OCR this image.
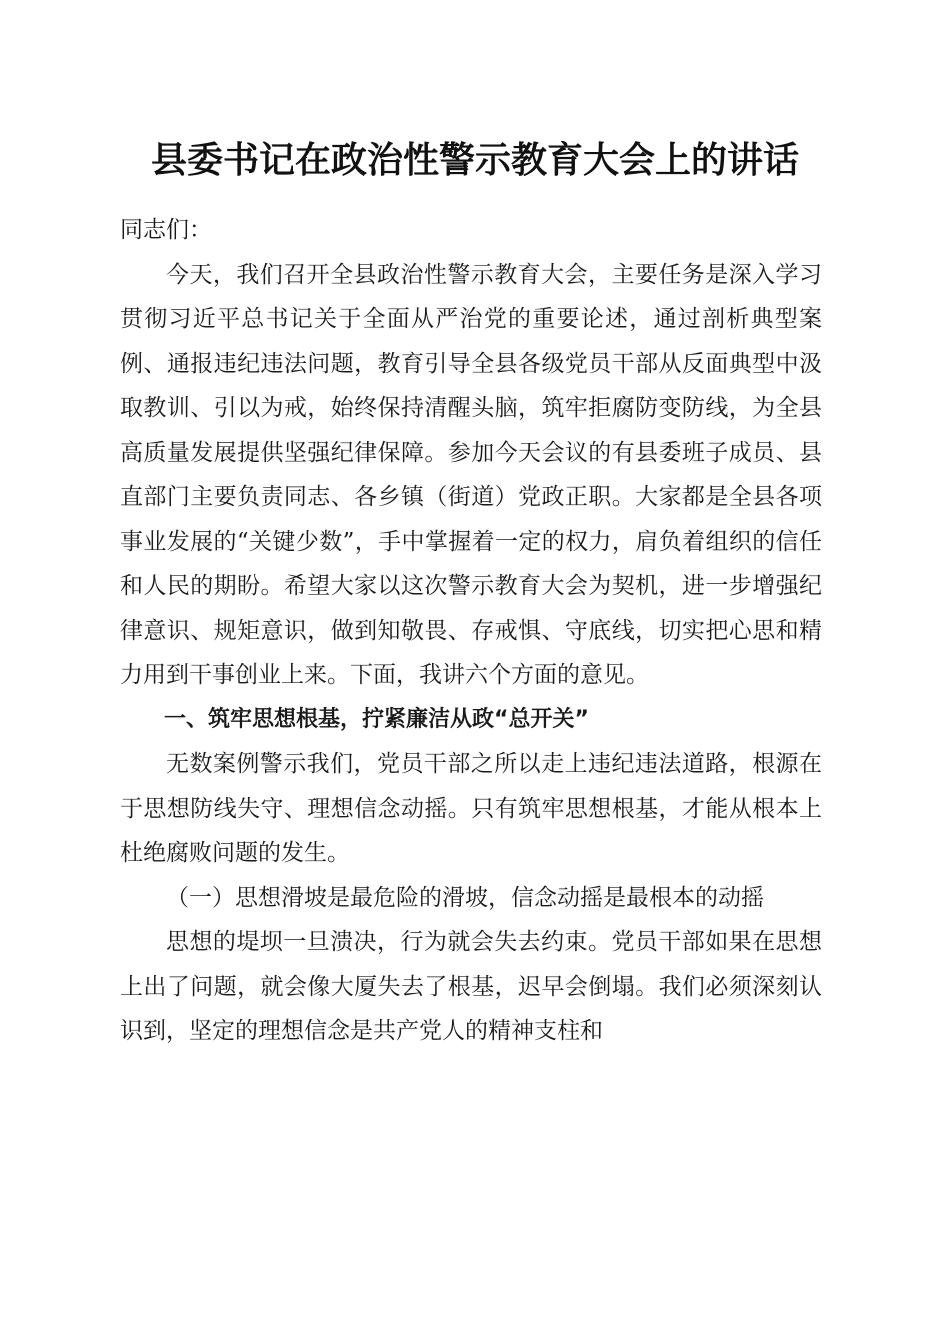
县委书记在政治性警示教育大会上的讲话

同志们：

今天，我们召开全县政治性警示教育大会，主要任务是深入学习贯彻习近平总书记关于全面从严治党的重要论述，通过剖析典型案例、通报违纪违法问题，教育引导全县各级党员干部从反面典型中汲取教训、引以为戒，始终保持清醒头脑，筑牢拒腐防变防线，为全县高质量发展提供坚强纪律保障。参加今天会议的有县委班子成员、县直部门主要负责同志、各乡镇（街道）党政正职。大家都是全县各项事业发展的“关键少数”，手中掌握着一定的权力，肩负着组织的信任和人民的期盼。希望大家以这次警示教育大会为契机，进一步增强纪律意识、规矩意识，做到知敬畏、存戒惧、守底线，切实把心思和精力用到干事创业上来。下面，我讲六个方面的意见。

一、筑牢思想根基，拧紧廉洁从政“总开关”

无数案例警示我们，党员干部之所以走上违纪违法道路，根源在于思想防线失守、理想信念动摇。只有筑牢思想根基，才能从根本上杜绝腐败问题的发生。

（一）思想滑坡是最危险的滑坡，信念动摇是最根本的动摇

思想的堤坝一旦溃决，行为就会失去约束。党员干部如果在思想上出了问题，就会像大厦失去了根基，迟早会倒塌。我们必须深刻认识到，坚定的理想信念是共产党人的精神支柱和
